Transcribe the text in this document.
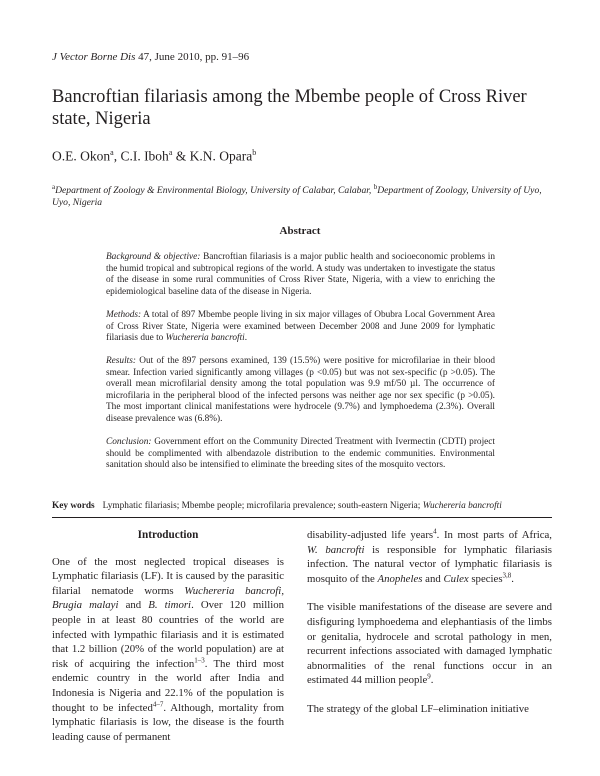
J Vector Borne Dis 47, June 2010, pp. 91–96
Bancroftian filariasis among the Mbembe people of Cross River state, Nigeria
O.E. Okon$^a$, C.I. Iboh$^a$ & K.N. Opara$^b$
$^a$Department of Zoology & Environmental Biology, University of Calabar, Calabar, $^b$Department of Zoology, University of Uyo, Uyo, Nigeria
Abstract
Background & objective: Bancroftian filariasis is a major public health and socioeconomic problems in the humid tropical and subtropical regions of the world. A study was undertaken to investigate the status of the disease in some rural communities of Cross River State, Nigeria, with a view to enriching the epidemiological baseline data of the disease in Nigeria.
Methods: A total of 897 Mbembe people living in six major villages of Obubra Local Government Area of Cross River State, Nigeria were examined between December 2008 and June 2009 for lymphatic filariasis due to Wuchereria bancrofti.
Results: Out of the 897 persons examined, 139 (15.5%) were positive for microfilariae in their blood smear. Infection varied significantly among villages (p <0.05) but was not sex-specific (p >0.05). The overall mean microfilarial density among the total population was 9.9 mf/50 µl. The occurrence of microfilaria in the peripheral blood of the infected persons was neither age nor sex specific (p >0.05). The most important clinical manifestations were hydrocele (9.7%) and lymphoedema (2.3%). Overall disease prevalence was (6.8%).
Conclusion: Government effort on the Community Directed Treatment with Ivermectin (CDTI) project should be complimented with albendazole distribution to the endemic communities. Environmental sanitation should also be intensified to eliminate the breeding sites of the mosquito vectors.
Key words Lymphatic filariasis; Mbembe people; microfilaria prevalence; south-eastern Nigeria; Wuchereria bancrofti
Introduction

One of the most neglected tropical diseases is Lymphatic filariasis (LF). It is caused by the parasitic filarial nematode worms Wuchereria bancrofi, Brugia malayi and B. timori. Over 120 million people in at least 80 countries of the world are infected with lympathic filariasis and it is estimated that 1.2 billion (20% of the world population) are at risk of acquiring the infection$^{1-3}$. The third most endemic country in the world after India and Indonesia is Nigeria and 22.1% of the population is thought to be infected$^{4-7}$. Although, mortality from lymphatic filariasis is low, the disease is the fourth leading cause of permanent

disability-adjusted life years$^4$. In most parts of Africa, W. bancrofti is responsible for lymphatic filariasis infection. The natural vector of lymphatic filariasis is mosquito of the Anopheles and Culex species$^{3,8}$.

The visible manifestations of the disease are severe and disfiguring lymphoedema and elephantiasis of the limbs or genitalia, hydrocele and scrotal pathology in men, recurrent infections associated with damaged lymphatic abnormalities of the renal functions occur in an estimated 44 million people$^9$.

The strategy of the global LF–elimination initiative
